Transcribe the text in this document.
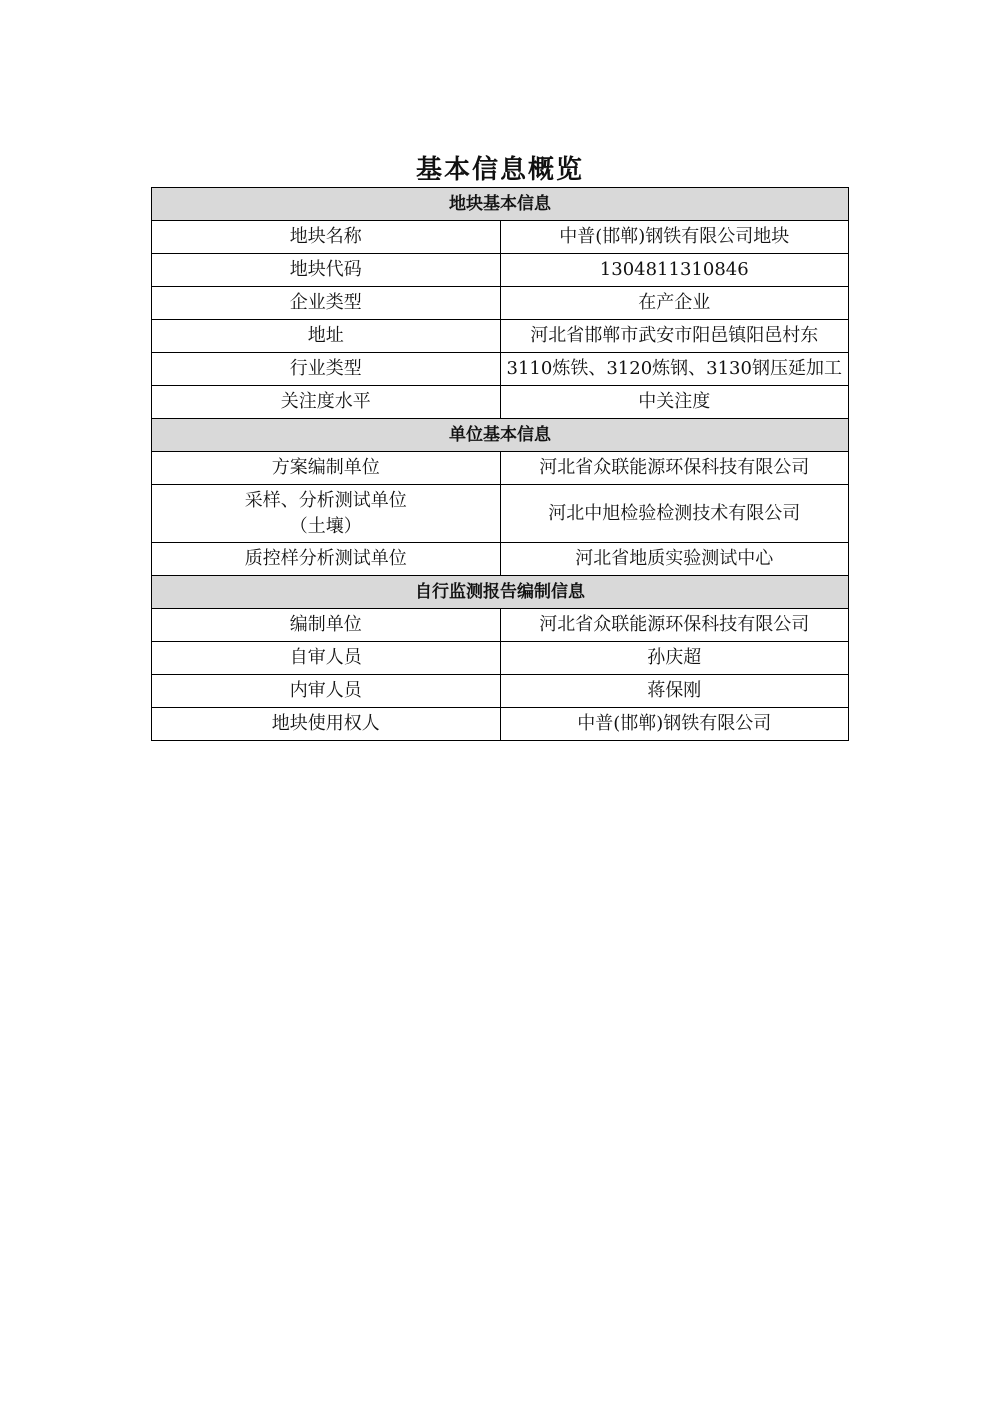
基本信息概览
地块基本信息	
地块名称	中普(邯郸)钢铁有限公司地块
地块代码	1304811310846
企业类型	在产企业
地址	河北省邯郸市武安市阳邑镇阳邑村东
行业类型	3110炼铁、3120炼钢、3130钢压延加工
关注度水平	中关注度
单位基本信息	
方案编制单位	河北省众联能源环保科技有限公司

采样、分析测试单位
（土壤）	河北中旭检验检测技术有限公司
质控样分析测试单位	河北省地质实验测试中心
自行监测报告编制信息	
编制单位	河北省众联能源环保科技有限公司
自审人员	孙庆超
内审人员	蒋保刚
地块使用权人	中普(邯郸)钢铁有限公司
